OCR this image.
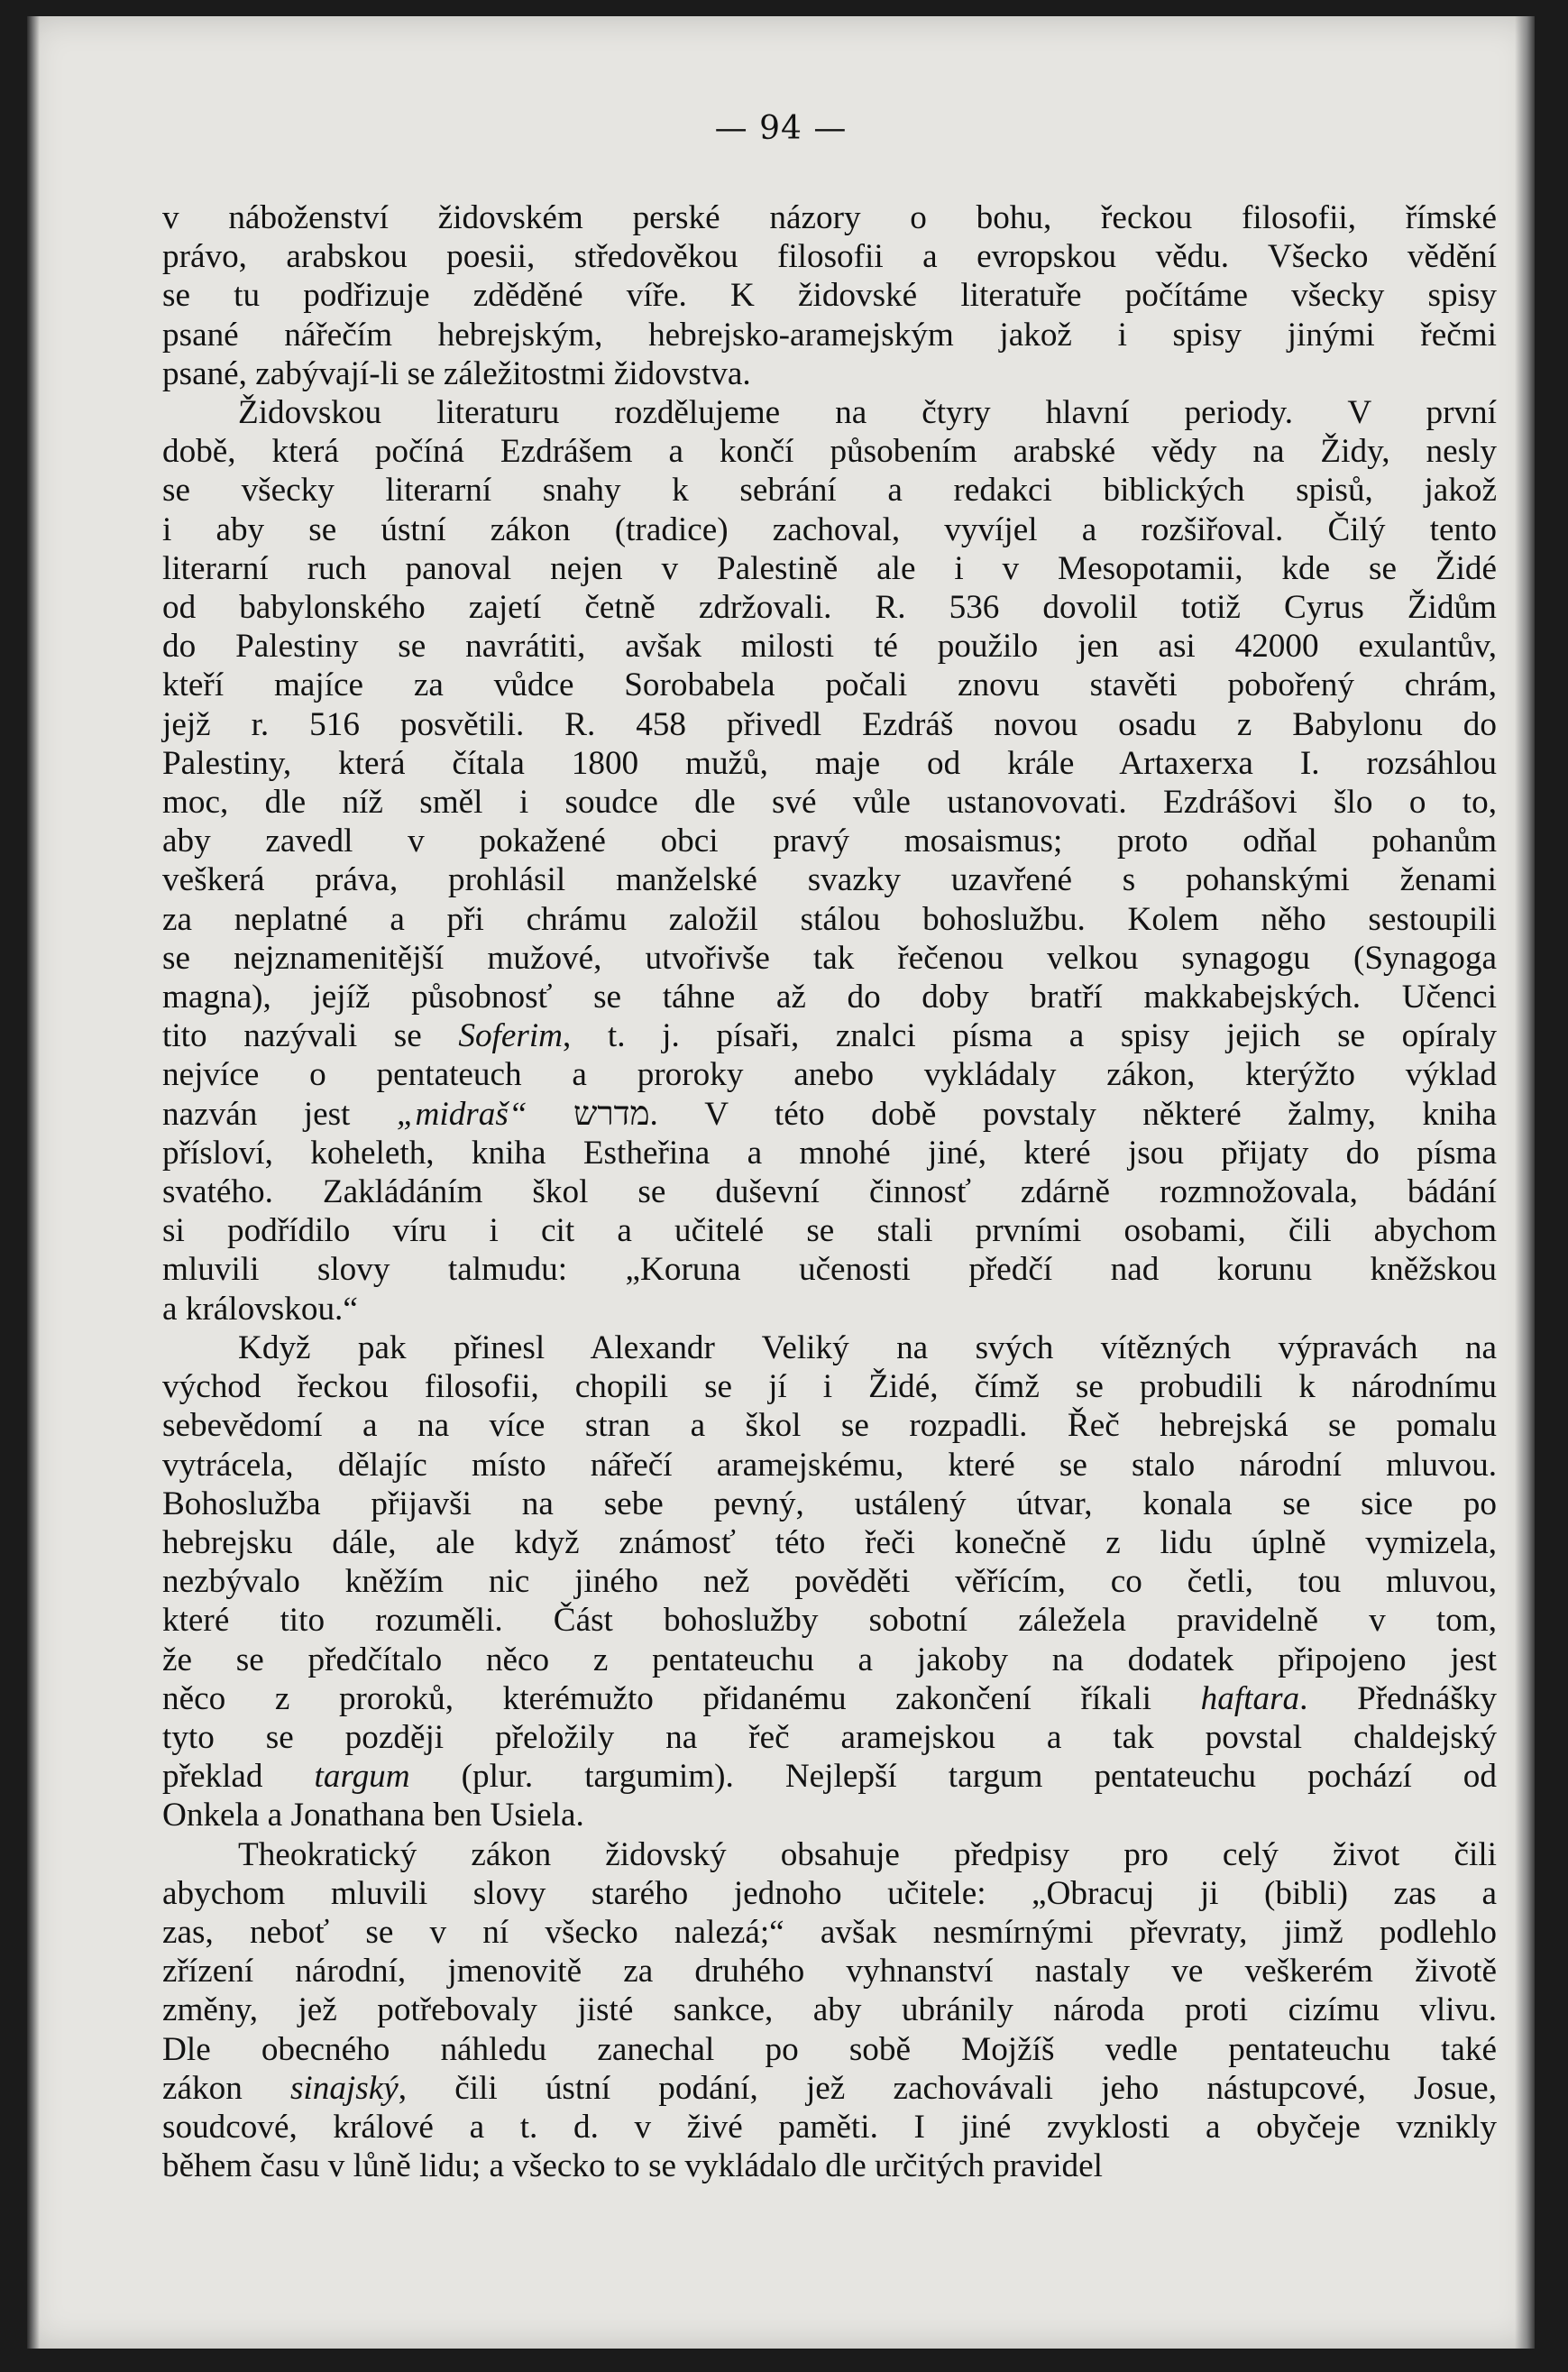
— 94 —
v náboženství židovském perské názory o bohu, řeckou filosofii, římské
právo, arabskou poesii, středověkou filosofii a evropskou vědu. Všecko vědění
se tu podřizuje zděděné víře. K židovské literatuře počítáme všecky spisy
psané nářečím hebrejským, hebrejsko-aramejským jakož i spisy jinými řečmi
psané, zabývají-li se záležitostmi židovstva.
Židovskou literaturu rozdělujeme na čtyry hlavní periody. V první
době, která počíná Ezdrášem a končí působením arabské vědy na Židy, nesly
se všecky literarní snahy k sebrání a redakci biblických spisů, jakož
i aby se ústní zákon (tradice) zachoval, vyvíjel a rozšiřoval. Čilý tento
literarní ruch panoval nejen v Palestině ale i v Mesopotamii, kde se Židé
od babylonského zajetí četně zdržovali. R. 536 dovolil totiž Cyrus Židům
do Palestiny se navrátiti, avšak milosti té použilo jen asi 42000 exulantův,
kteří majíce za vůdce Sorobabela počali znovu stavěti pobořený chrám,
jejž r. 516 posvětili. R. 458 přivedl Ezdráš novou osadu z Babylonu do
Palestiny, která čítala 1800 mužů, maje od krále Artaxerxa I. rozsáhlou
moc, dle níž směl i soudce dle své vůle ustanovovati. Ezdrášovi šlo o to,
aby zavedl v pokažené obci pravý mosaismus; proto odňal pohanům
veškerá práva, prohlásil manželské svazky uzavřené s pohanskými ženami
za neplatné a při chrámu založil stálou bohoslužbu. Kolem něho sestoupili
se nejznamenitější mužové, utvořivše tak řečenou velkou synagogu (Synagoga
magna), jejíž působnosť se táhne až do doby bratří makkabejských. Učenci
tito nazývali se Soferim, t. j. písaři, znalci písma a spisy jejich se opíraly
nejvíce o pentateuch a proroky anebo vykládaly zákon, kterýžto výklad
nazván jest „midraš“ מדרש. V této době povstaly některé žalmy, kniha
přísloví, koheleth, kniha Estheřina a mnohé jiné, které jsou přijaty do písma
svatého. Zakládáním škol se duševní činnosť zdárně rozmnožovala, bádání
si podřídilo víru i cit a učitelé se stali prvními osobami, čili abychom
mluvili slovy talmudu: „Koruna učenosti předčí nad korunu kněžskou
a královskou.“
Když pak přinesl Alexandr Veliký na svých vítězných výpravách na
východ řeckou filosofii, chopili se jí i Židé, čímž se probudili k národnímu
sebevědomí a na více stran a škol se rozpadli. Řeč hebrejská se pomalu
vytrácela, dělajíc místo nářečí aramejskému, které se stalo národní mluvou.
Bohoslužba přijavši na sebe pevný, ustálený útvar, konala se sice po
hebrejsku dále, ale když známosť této řeči konečně z lidu úplně vymizela,
nezbývalo kněžím nic jiného než pověděti věřícím, co četli, tou mluvou,
které tito rozuměli. Část bohoslužby sobotní záležela pravidelně v tom,
že se předčítalo něco z pentateuchu a jakoby na dodatek připojeno jest
něco z proroků, kterémužto přidanému zakončení říkali haftara. Přednášky
tyto se později přeložily na řeč aramejskou a tak povstal chaldejský
překlad targum (plur. targumim). Nejlepší targum pentateuchu pochází od
Onkela a Jonathana ben Usiela.
Theokratický zákon židovský obsahuje předpisy pro celý život čili
abychom mluvili slovy starého jednoho učitele: „Obracuj ji (bibli) zas a
zas, neboť se v ní všecko nalezá;“ avšak nesmírnými převraty, jimž podlehlo
zřízení národní, jmenovitě za druhého vyhnanství nastaly ve veškerém životě
změny, jež potřebovaly jisté sankce, aby ubránily národa proti cizímu vlivu.
Dle obecného náhledu zanechal po sobě Mojžíš vedle pentateuchu také
zákon sinajský, čili ústní podání, jež zachovávali jeho nástupcové, Josue,
soudcové, králové a t. d. v živé paměti. I jiné zvyklosti a obyčeje vznikly
během času v lůně lidu; a všecko to se vykládalo dle určitých pravidel
